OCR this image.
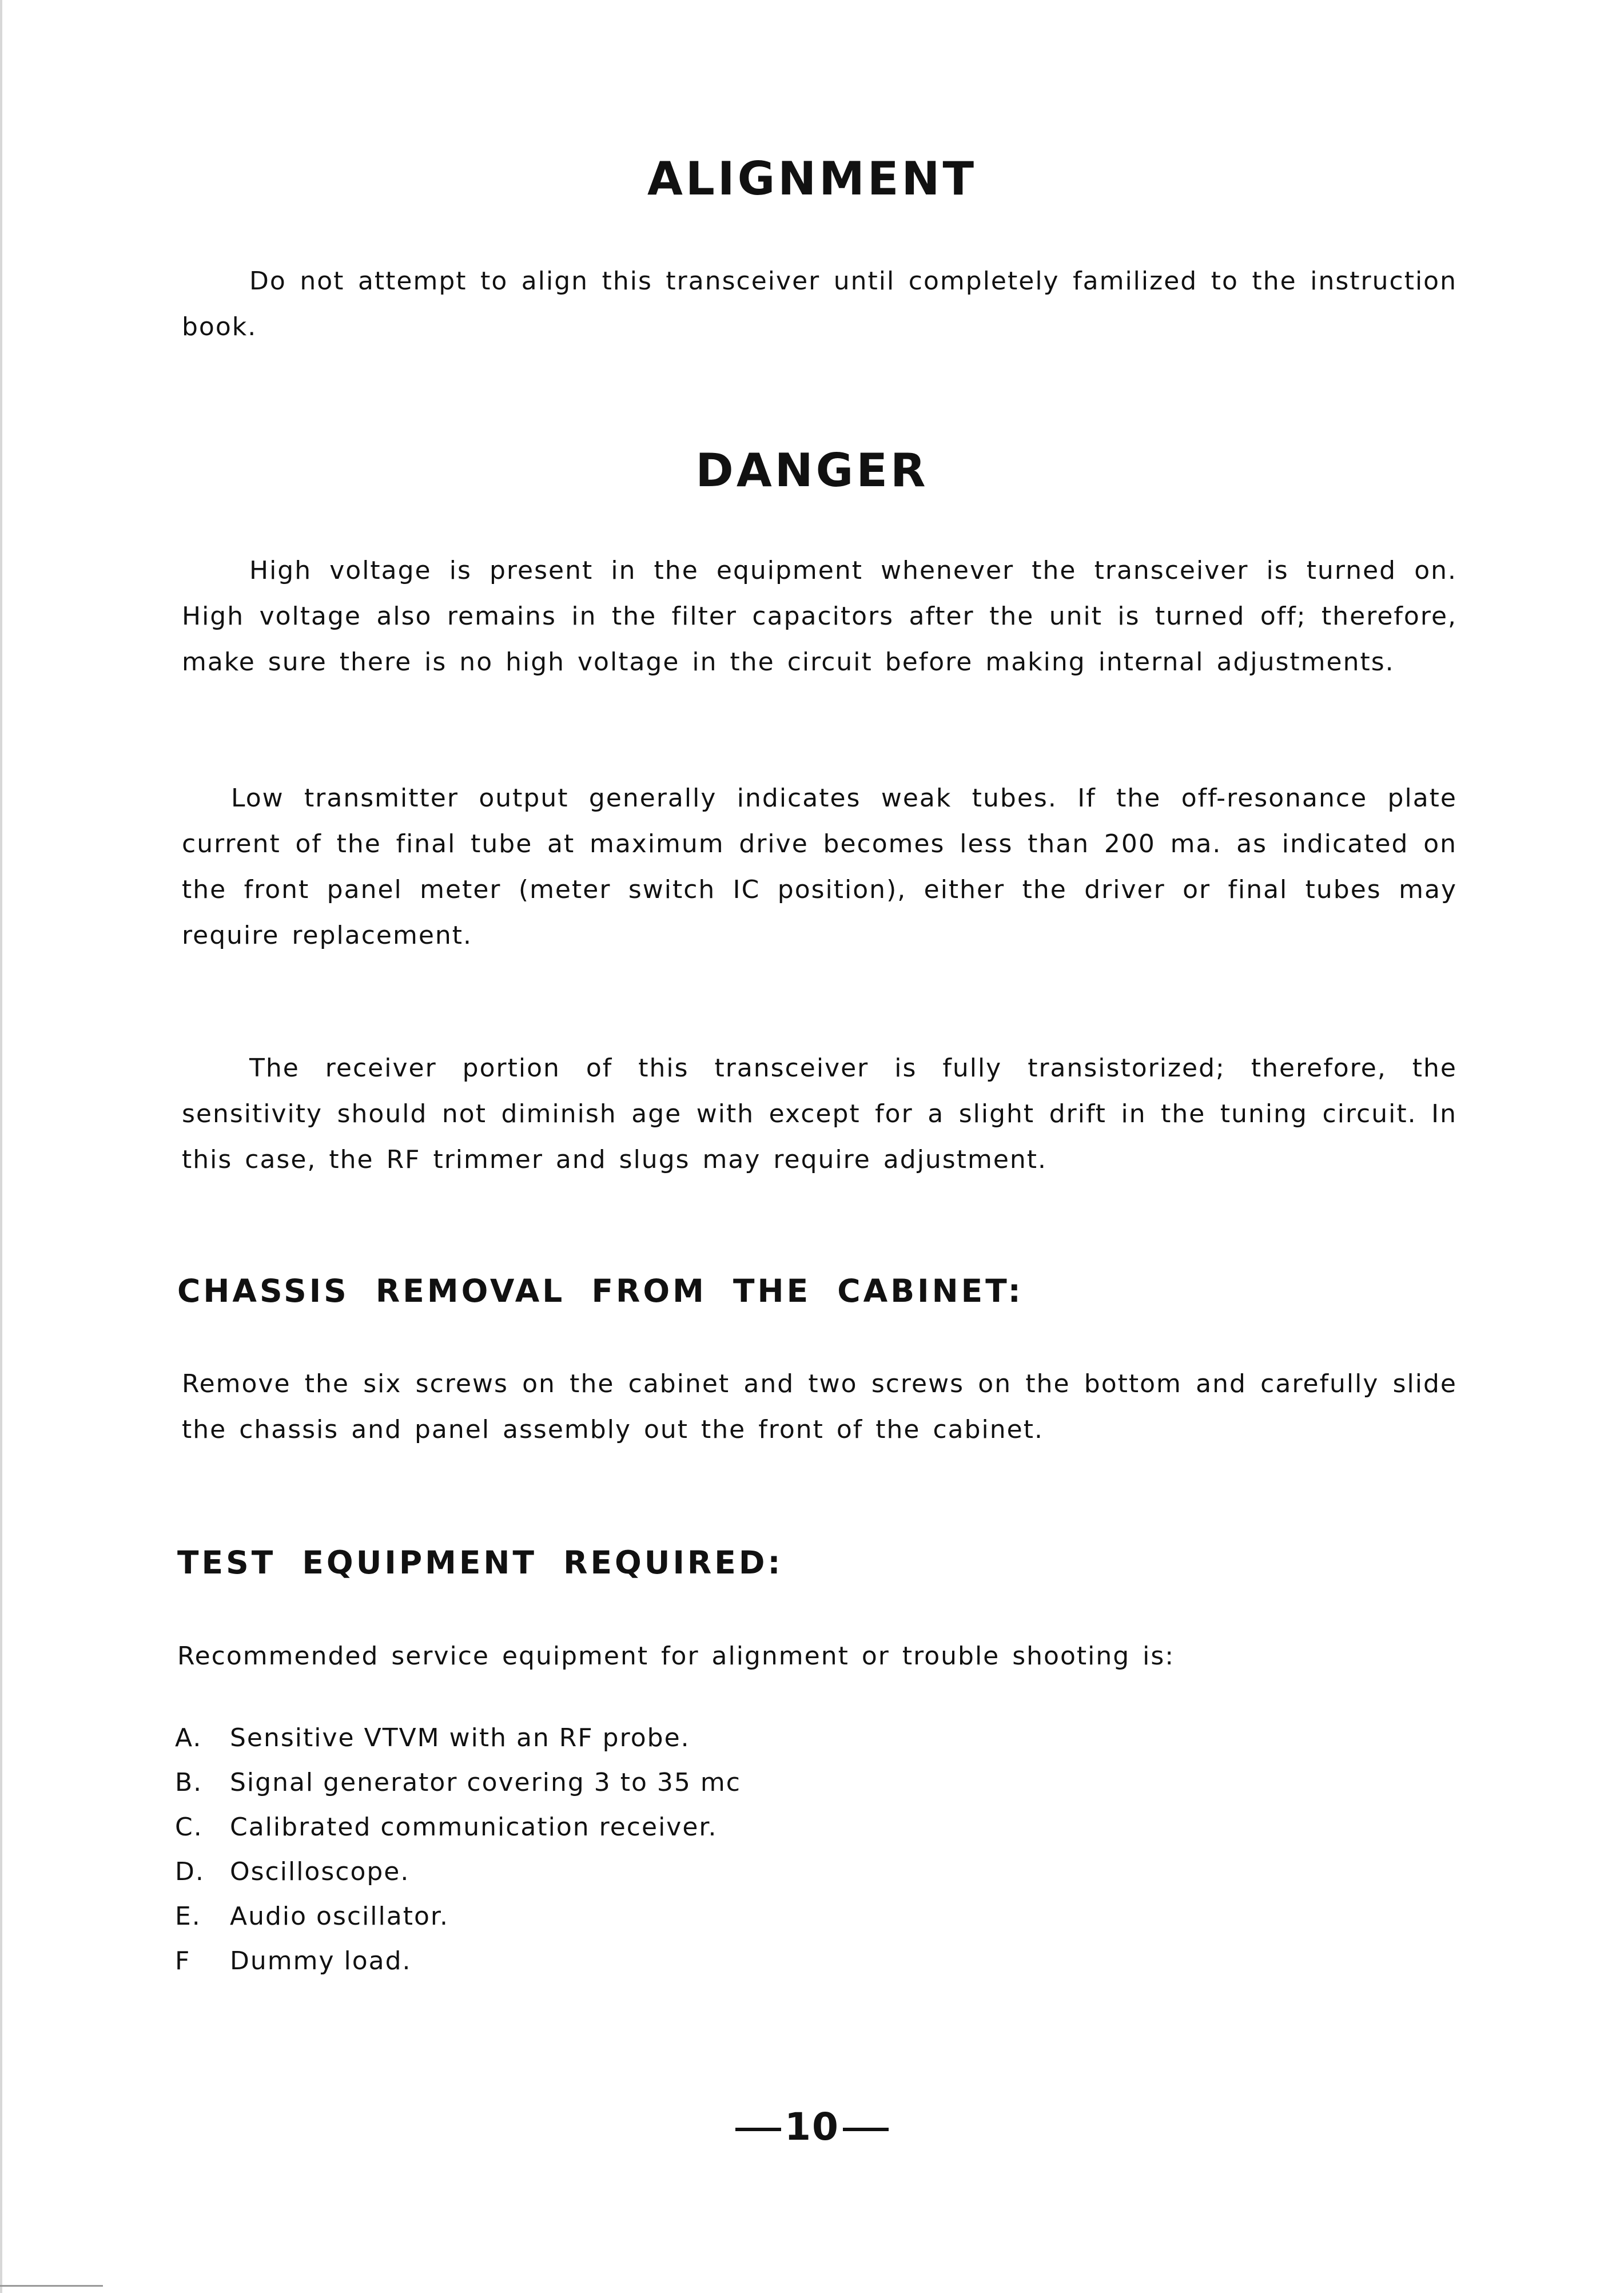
ALIGNMENT

Do not attempt to align this transceiver until completely familized to the instruction book.

DANGER

High voltage is present in the equipment whenever the transceiver is turned on. High voltage also remains in the filter capacitors after the unit is turned off; therefore, make sure there is no high voltage in the circuit before making internal adjustments.

Low transmitter output generally indicates weak tubes. If the off-resonance plate current of the final tube at maximum drive becomes less than 200 ma. as indicated on the front panel meter (meter switch IC position), either the driver or final tubes may require replacement.

The receiver portion of this transceiver is fully transistorized; therefore, the sensitivity should not diminish age with except for a slight drift in the tuning circuit. In this case, the RF trimmer and slugs may require adjustment.

CHASSIS REMOVAL FROM THE CABINET:

Remove the six screws on the cabinet and two screws on the bottom and carefully slide the chassis and panel assembly out the front of the cabinet.

TEST EQUIPMENT REQUIRED:

Recommended service equipment for alignment or trouble shooting is:

A.	Sensitive VTVM with an RF probe.
B.	Signal generator covering 3 to 35 mc
C.	Calibrated communication receiver.
D.	Oscilloscope.
E.	Audio oscillator.
F	Dummy load.
10
